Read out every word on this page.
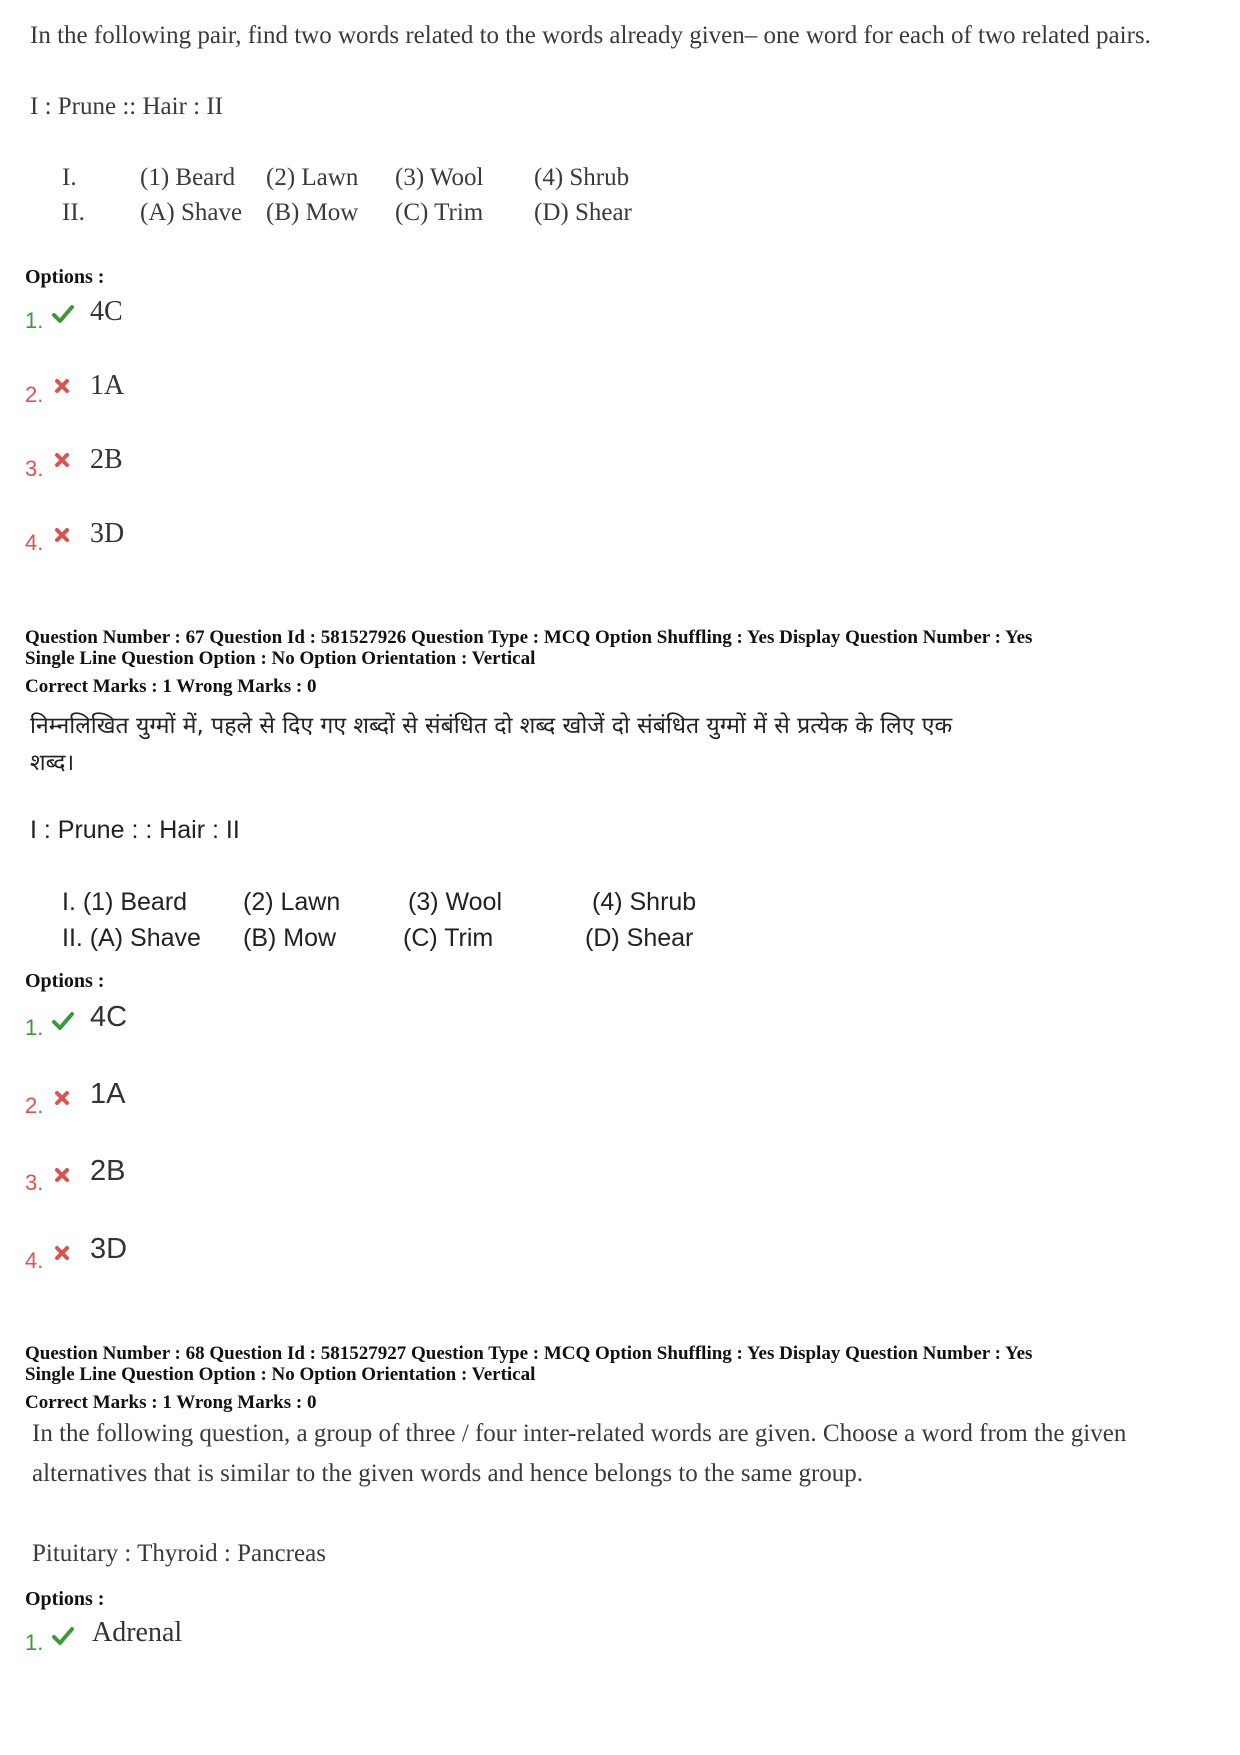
In the following pair, find two words related to the words already given– one word for each of two related pairs.
I : Prune :: Hair : II
I.	(1) Beard (2) Lawn (3) Wool (4) Shrub
II. (A) Shave (B) Mow (C) Trim (D) Shear
Options :
1. 4C
2. 1A
3. 2B
4. 3D
Question Number : 67 Question Id : 581527926 Question Type : MCQ Option Shuffling : Yes Display Question Number : Yes
Single Line Question Option : No Option Orientation : Vertical
Correct Marks : 1 Wrong Marks : 0
निम्नलिखित युग्मों में, पहले से दिए गए शब्दों से संबंधित दो शब्द खोजें दो संबंधित युग्मों में से प्रत्येक के लिए एक
शब्द।
I : Prune : : Hair : II
I. (1) Beard (2) Lawn	(3) Wool	(4) Shrub
II. (A) Shave (B) Mow	(C) Trim	(D) Shear
Options :
1. 4C
2. 1A
3. 2B
4. 3D
Question Number : 68 Question Id : 581527927 Question Type : MCQ Option Shuffling : Yes Display Question Number : Yes
Single Line Question Option : No Option Orientation : Vertical
Correct Marks : 1 Wrong Marks : 0
In the following question, a group of three / four inter-related words are given. Choose a word from the given
alternatives that is similar to the given words and hence belongs to the same group.
Pituitary : Thyroid : Pancreas
Options :
1. Adrenal
